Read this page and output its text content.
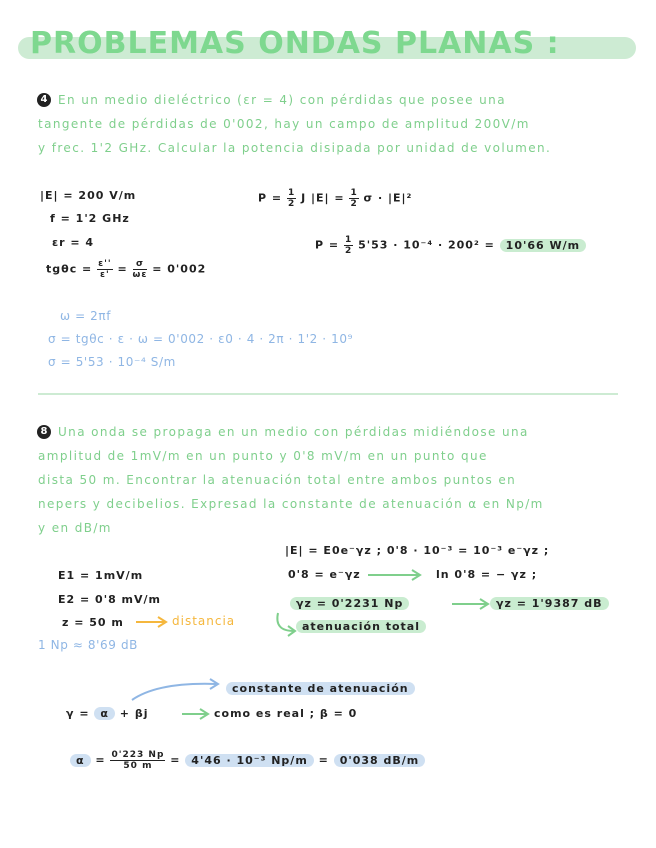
PROBLEMAS ONDAS PLANAS :
4 En un medio dieléctrico (εr = 4) con pérdidas que posee una
tangente de pérdidas de 0'002, hay un campo de amplitud 200V/m
y frec. 1'2 GHz. Calcular la potencia disipada por unidad de volumen.
|E| = 200 V/m
f = 1'2 GHz
εr = 4
$tg\theta c = \frac{\varepsilon''}{\varepsilon'} = \frac{\sigma}{\omega\varepsilon} = 0'002$
$P = \frac{1}{2}$ J $|E| = \frac{1}{2}$ σ · |E|²
$P = \frac{1}{2} 5'53 \cdot 10^{-4} \cdot 200^2 = 10'66$ W/m
ω = 2πf
σ = tgθc · ε · ω = 0'002 · ε0 · 4 · 2π · 1'2 · 10⁹
σ = 5'53 · 10⁻⁴ S/m
8 Una onda se propaga en un medio con pérdidas midiéndose una
amplitud de 1mV/m en un punto y 0'8 mV/m en un punto que
dista 50 m. Encontrar la atenuación total entre ambos puntos en
nepers y decibelios. Expresad la constante de atenuación α en Np/m
y en dB/m
|E| = E0e⁻γz ; 0'8 · 10⁻³ = 10⁻³ e⁻γz ;
E1 = 1mV/m	0'8 = e⁻γz	ln 0'8 = − γz ;
E2 = 0'8 mV/m	γz = 0'2231 Np	γz = 1'9387 dB
z = 50 m	distancia	atenuación total
1 Np ≈ 8'69 dB
constante de atenuación
γ = α + βj	como es real ; β = 0
$\alpha = \frac{0'223 Np}{50 m} = 4'46 \cdot 10^{-3}$ Np/m = 0'038 dB/m
